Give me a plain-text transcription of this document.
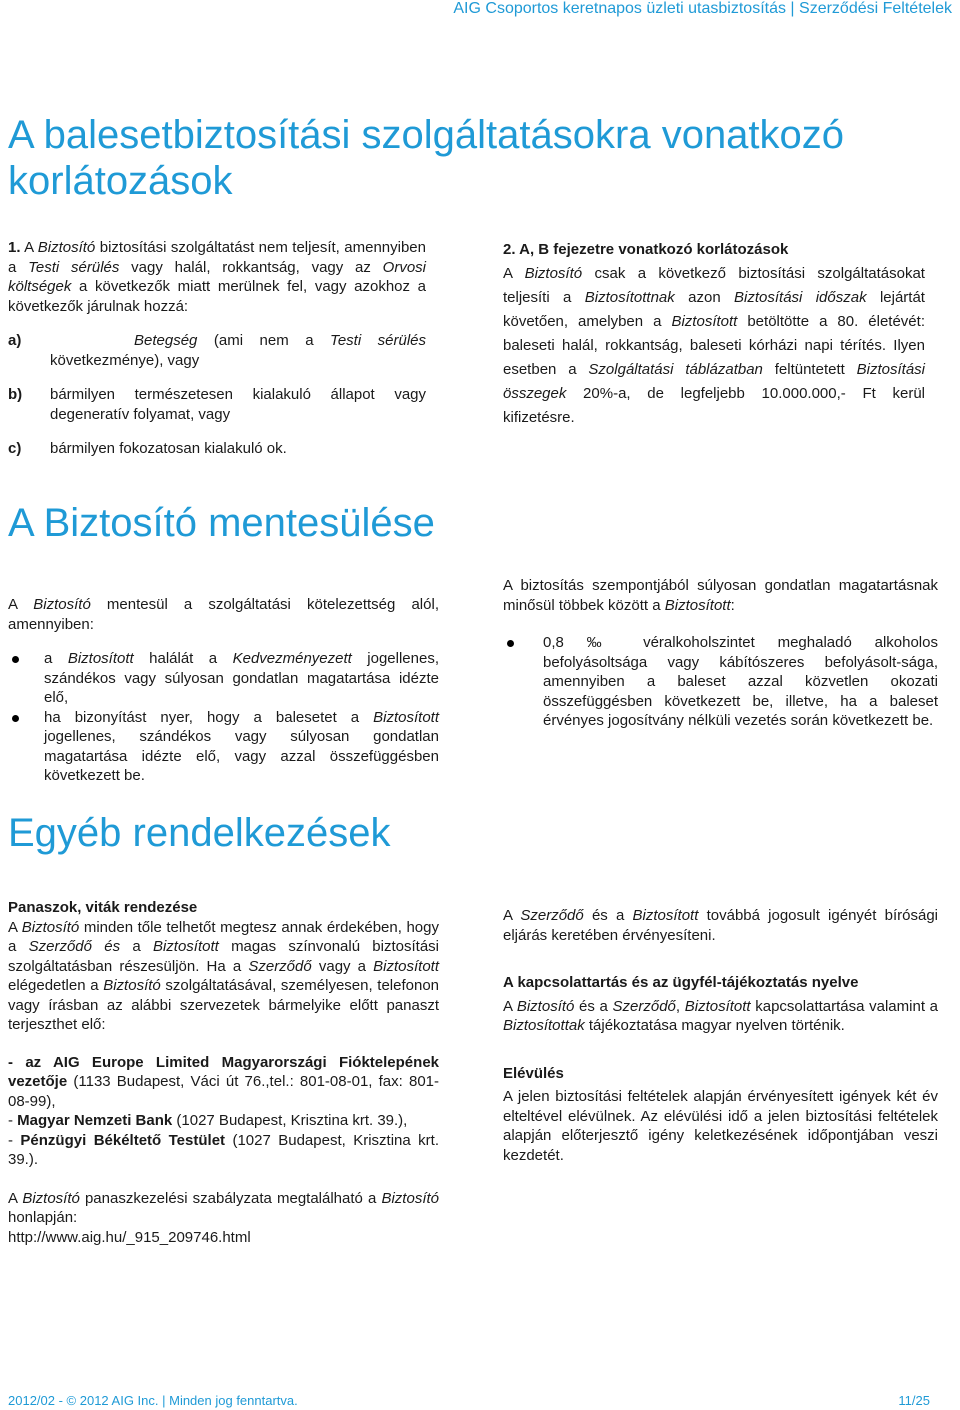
AIG Csoportos keretnapos üzleti utasbiztosítás | Szerződési Feltételek
A balesetbiztosítási szolgáltatásokra vonatkozó
korlátozások

1. A Biztosító biztosítási szolgáltatást nem teljesít, amennyiben a Testi sérülés vagy halál, rokkantság, vagy az Orvosi költségek a következők miatt merülnek fel, vagy azokhoz a következők járulnak hozzá:

a)	Betegség (ami nem a Testi sérülés következménye), vagy
b) bármilyen természetesen kialakuló állapot vagy degeneratív folyamat, vagy
c) bármilyen fokozatosan kialakuló ok.

2. A, B fejezetre vonatkozó korlátozások

A Biztosító csak a következő biztosítási szolgáltatásokat teljesíti a Biztosítottnak azon Biztosítási időszak lejártát követően, amelyben a Biztosított betöltötte a 80. életévét: baleseti halál, rokkantság, baleseti kórházi napi térítés. Ilyen esetben a Szolgáltatási táblázatban feltüntetett Biztosítási összegek 20%-a, de legfeljebb 10.000.000,- Ft kerül kifizetésre.

A Biztosító mentesülése

A Biztosító mentesül a szolgáltatási kötelezettség alól, amennyiben:

a Biztosított halálát a Kedvezményezett jogellenes, szándékos vagy súlyosan gondatlan magatartása idézte elő,
ha bizonyítást nyer, hogy a balesetet a Biztosított jogellenes, szándékos vagy súlyosan gondatlan magatartása idézte elő, vagy azzal összefüggésben következett be.

A biztosítás szempontjából súlyosan gondatlan magatartásnak minősül többek között a Biztosított:

0,8 ‰ véralkoholszintet meghaladó alkoholos befolyásoltsága vagy kábítószeres befolyásolt-sága, amennyiben a baleset azzal közvetlen okozati összefüggésben következett be, illetve, ha a baleset érvényes jogosítvány nélküli vezetés során következett be.
Egyéb rendelkezések

Panaszok, viták rendezése

A Biztosító minden tőle telhetőt megtesz annak érdekében, hogy a Szerződő és a Biztosított magas színvonalú biztosítási szolgáltatásban részesüljön. Ha a Szerződő vagy a Biztosított elégedetlen a Biztosító szolgáltatásával, személyesen, telefonon vagy írásban az alábbi szervezetek bármelyike előtt panaszt terjeszthet elő:

- az AIG Europe Limited Magyarországi Fióktelepének vezetője (1133 Budapest, Váci út 76.,tel.: 801-08-01, fax: 801-08-99),

- Magyar Nemzeti Bank (1027 Budapest, Krisztina krt. 39.),

- Pénzügyi Békéltető Testület (1027 Budapest, Krisztina krt. 39.).

A Biztosító panaszkezelési szabályzata megtalálható a Biztosító honlapján:

http://www.aig.hu/_915_209746.html

A Szerződő és a Biztosított továbbá jogosult igényét bírósági eljárás keretében érvényesíteni.

A kapcsolattartás és az ügyfél-tájékoztatás nyelve

A Biztosító és a Szerződő, Biztosított kapcsolattartása valamint a Biztosítottak tájékoztatása magyar nyelven történik.

Elévülés

A jelen biztosítási feltételek alapján érvényesített igények két év elteltével elévülnek. Az elévülési idő a jelen biztosítási feltételek alapján előterjesztő igény keletkezésének időpontjában veszi kezdetét.

2012/02 - © 2012 AIG Inc. | Minden jog fenntartva.	11/25
